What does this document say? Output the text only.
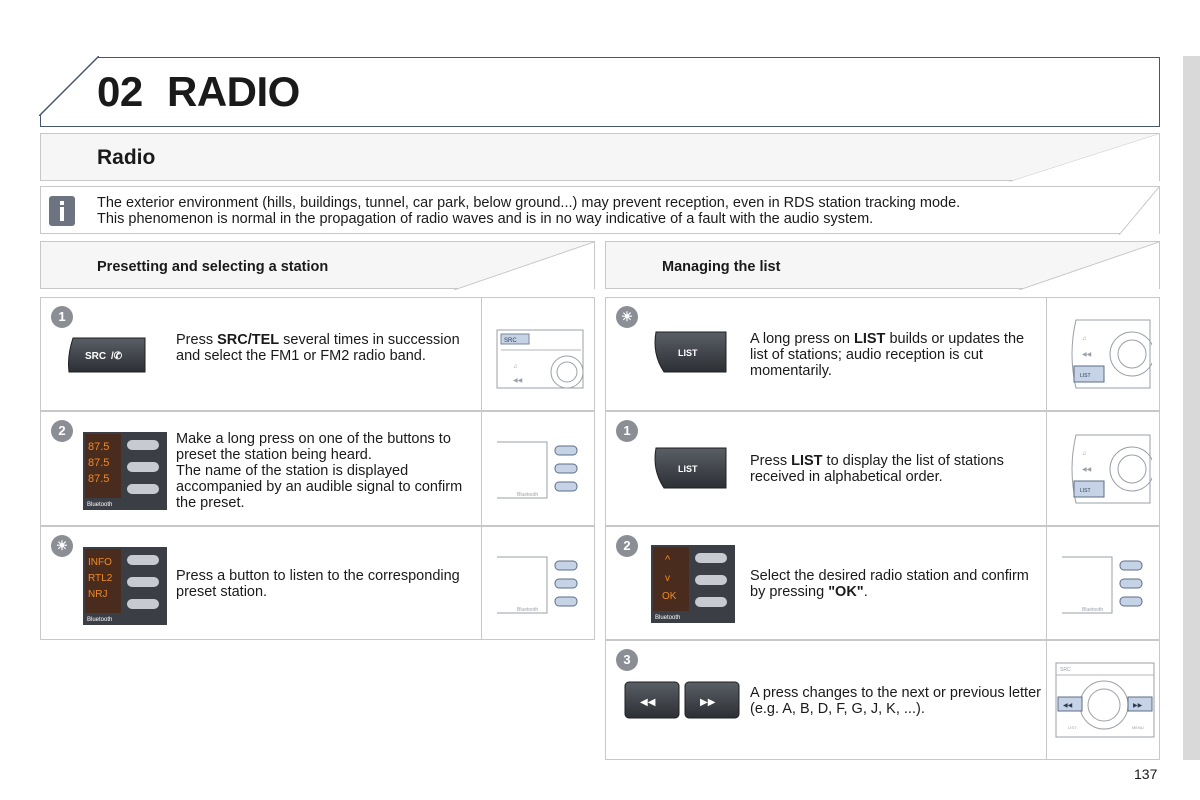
02 RADIO
Radio
The exterior environment (hills, buildings, tunnel, car park, below ground...) may prevent reception, even in RDS station tracking mode.
This phenomenon is normal in the propagation of radio waves and is in no way indicative of a fault with the audio system.
Presetting and selecting a station	Managing the list
1
SRC /✆
Press SRC/TEL several times in succession and select the FM1 or FM2 radio band.
SRC
♫
◀◀
2
87.5
87.5
87.5
Bluetooth
Make a long press on one of the buttons to preset the station being heard.
The name of the station is displayed accompanied by an audible signal to confirm the preset.	Bluetooth
☀
INFO
RTL2
NRJ
Bluetooth
Press a button to listen to the corresponding preset station.
Bluetooth
☀
LIST
A long press on LIST builds or updates the list of stations; audio reception is cut momentarily.	LIST
♫
◀◀
1
LIST	Press LIST to display the list of stations received in alphabetical order.
LIST
♫
◀◀
2
^
v
OK
Bluetooth
Select the desired radio station and confirm by pressing "OK".
Bluetooth
3
◀◀	▶▶
A press changes to the next or previous letter (e.g. A, B, D, F, G, J, K, ...).
SRC
◀◀	▶▶
LIST	MENU
137
